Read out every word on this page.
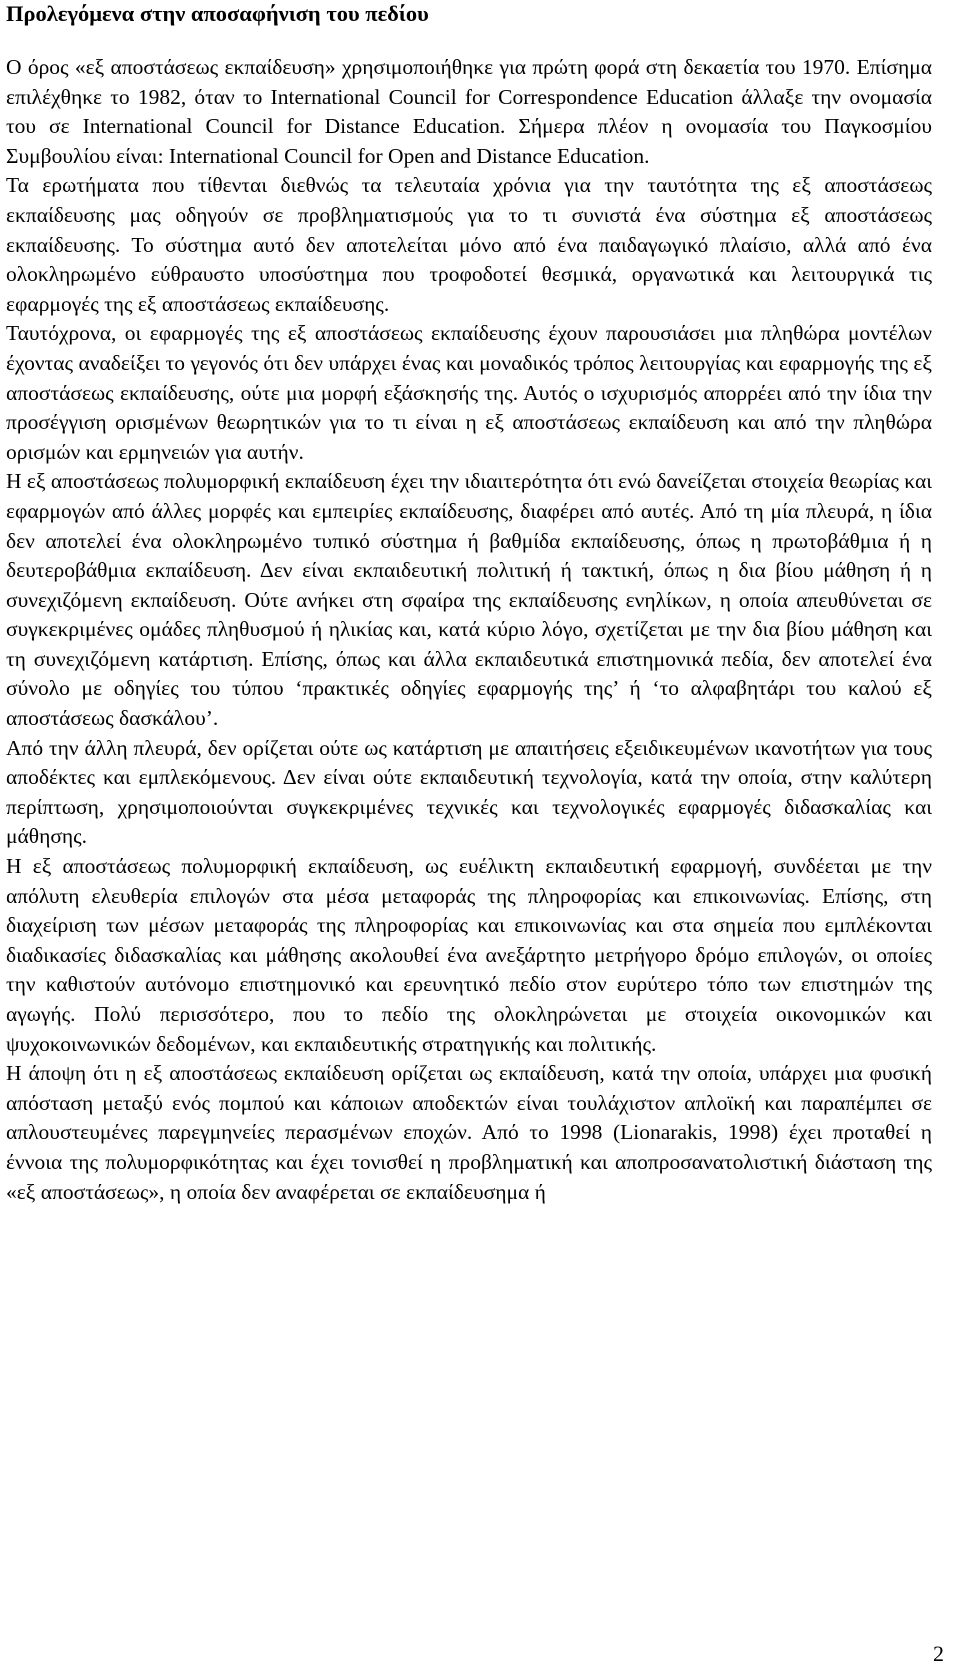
Προλεγόμενα στην αποσαφήνιση του πεδίου

Ο όρος «εξ αποστάσεως εκπαίδευση» χρησιμοποιήθηκε για πρώτη φορά στη δεκαετία του 1970. Επίσημα επιλέχθηκε το 1982, όταν το International Council for Correspondence Education άλλαξε την ονομασία του σε International Council for Distance Education. Σήμερα πλέον η ονομασία του Παγκοσμίου Συμβουλίου είναι: International Council for Open and Distance Education.

Τα ερωτήματα που τίθενται διεθνώς τα τελευταία χρόνια για την ταυτότητα της εξ αποστάσεως εκπαίδευσης μας οδηγούν σε προβληματισμούς για το τι συνιστά ένα σύστημα εξ αποστάσεως εκπαίδευσης. Το σύστημα αυτό δεν αποτελείται μόνο από ένα παιδαγωγικό πλαίσιο, αλλά από ένα ολοκληρωμένο εύθραυστο υποσύστημα που τροφοδοτεί θεσμικά, οργανωτικά και λειτουργικά τις εφαρμογές της εξ αποστάσεως εκπαίδευσης.

Ταυτόχρονα, οι εφαρμογές της εξ αποστάσεως εκπαίδευσης έχουν παρουσιάσει μια πληθώρα μοντέλων έχοντας αναδείξει το γεγονός ότι δεν υπάρχει ένας και μοναδικός τρόπος λειτουργίας και εφαρμογής της εξ αποστάσεως εκπαίδευσης, ούτε μια μορφή εξάσκησής της. Αυτός ο ισχυρισμός απορρέει από την ίδια την προσέγγιση ορισμένων θεωρητικών για το τι είναι η εξ αποστάσεως εκπαίδευση και από την πληθώρα ορισμών και ερμηνειών για αυτήν.

Η εξ αποστάσεως πολυμορφική εκπαίδευση έχει την ιδιαιτερότητα ότι ενώ δανείζεται στοιχεία θεωρίας και εφαρμογών από άλλες μορφές και εμπειρίες εκπαίδευσης, διαφέρει από αυτές. Από τη μία πλευρά, η ίδια δεν αποτελεί ένα ολοκληρωμένο τυπικό σύστημα ή βαθμίδα εκπαίδευσης, όπως η πρωτοβάθμια ή η δευτεροβάθμια εκπαίδευση. Δεν είναι εκπαιδευτική πολιτική ή τακτική, όπως η δια βίου μάθηση ή η συνεχιζόμενη εκπαίδευση. Ούτε ανήκει στη σφαίρα της εκπαίδευσης ενηλίκων, η οποία απευθύνεται σε συγκεκριμένες ομάδες πληθυσμού ή ηλικίας και, κατά κύριο λόγο, σχετίζεται με την δια βίου μάθηση και τη συνεχιζόμενη κατάρτιση. Επίσης, όπως και άλλα εκπαιδευτικά επιστημονικά πεδία, δεν αποτελεί ένα σύνολο με οδηγίες του τύπου ‘πρακτικές οδηγίες εφαρμογής της’ ή ‘το αλφαβητάρι του καλού εξ αποστάσεως δασκάλου’.

Από την άλλη πλευρά, δεν ορίζεται ούτε ως κατάρτιση με απαιτήσεις εξειδικευμένων ικανοτήτων για τους αποδέκτες και εμπλεκόμενους. Δεν είναι ούτε εκπαιδευτική τεχνολογία, κατά την οποία, στην καλύτερη περίπτωση, χρησιμοποιούνται συγκεκριμένες τεχνικές και τεχνολογικές εφαρμογές διδασκαλίας και μάθησης.

Η εξ αποστάσεως πολυμορφική εκπαίδευση, ως ευέλικτη εκπαιδευτική εφαρμογή, συνδέεται με την απόλυτη ελευθερία επιλογών στα μέσα μεταφοράς της πληροφορίας και επικοινωνίας. Επίσης, στη διαχείριση των μέσων μεταφοράς της πληροφορίας και επικοινωνίας και στα σημεία που εμπλέκονται διαδικασίες διδασκαλίας και μάθησης ακολουθεί ένα ανεξάρτητο μετρήγορο δρόμο επιλογών, οι οποίες την καθιστούν αυτόνομο επιστημονικό και ερευνητικό πεδίο στον ευρύτερο τόπο των επιστημών της αγωγής. Πολύ περισσότερο, που το πεδίο της ολοκληρώνεται με στοιχεία οικονομικών και ψυχοκοινωνικών δεδομένων, και εκπαιδευτικής στρατηγικής και πολιτικής.

Η άποψη ότι η εξ αποστάσεως εκπαίδευση ορίζεται ως εκπαίδευση, κατά την οποία, υπάρχει μια φυσική απόσταση μεταξύ ενός πομπού και κάποιων αποδεκτών είναι τουλάχιστον απλοϊκή και παραπέμπει σε απλουστευμένες παρεγμηνείες περασμένων εποχών. Από το 1998 (Lionarakis, 1998) έχει προταθεί η έννοια της πολυμορφικότητας και έχει τονισθεί η προβληματική και αποπροσανατολιστική διάσταση της «εξ αποστάσεως», η οποία δεν αναφέρεται σε εκπαίδευσημα ή

2
